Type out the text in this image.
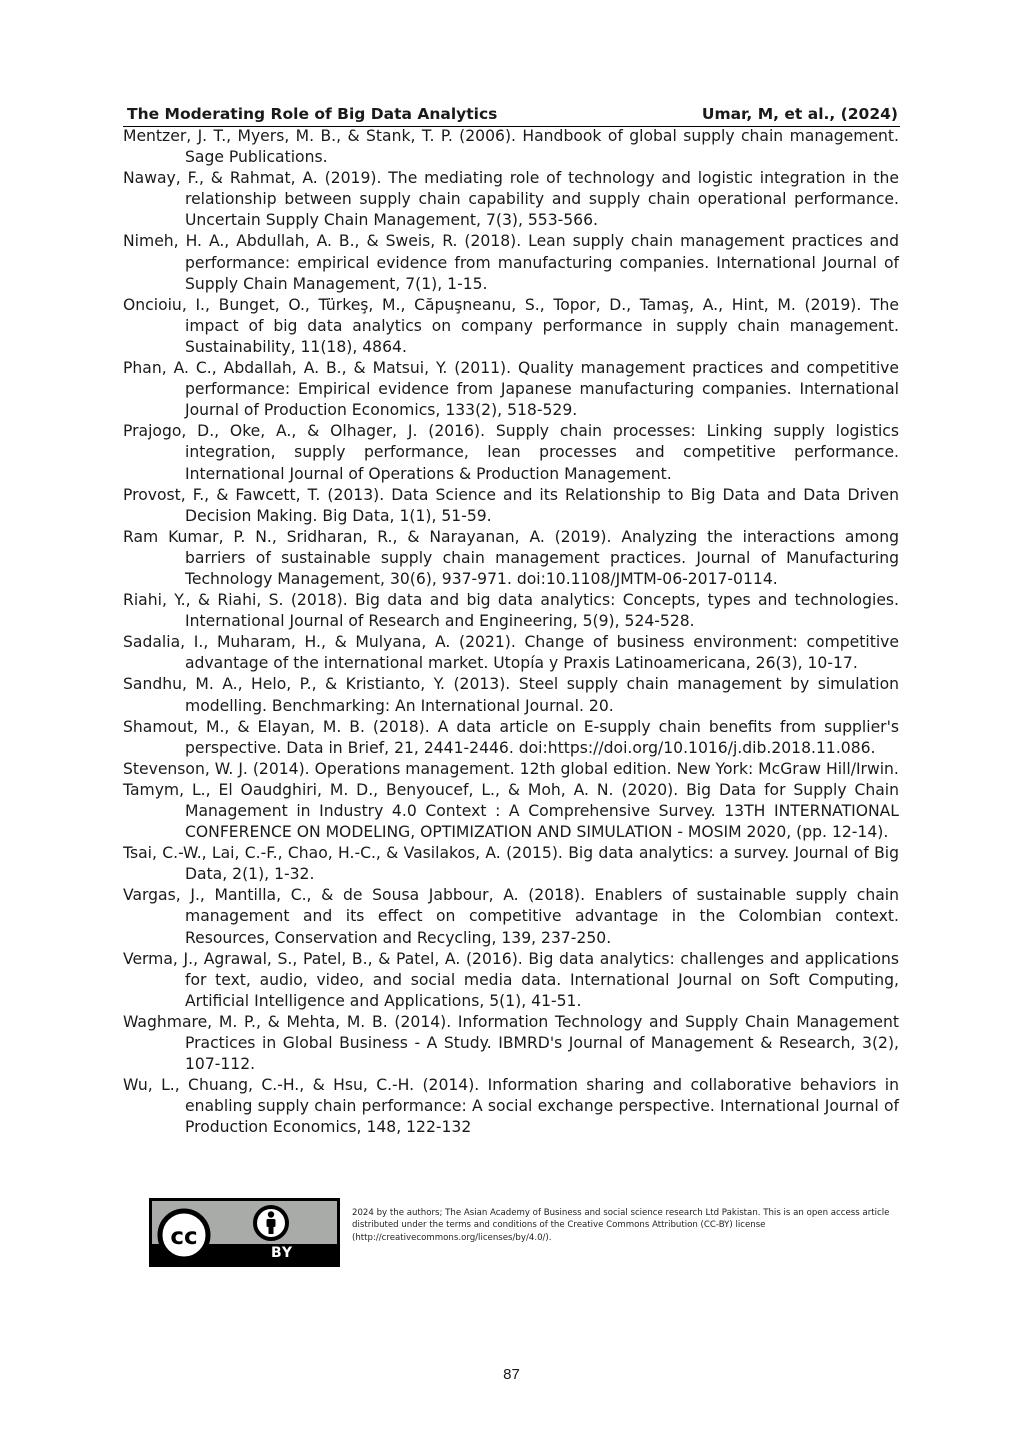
The Moderating Role of Big Data Analytics	Umar, M, et al., (2024)

Mentzer, J. T., Myers, M. B., & Stank, T. P. (2006). Handbook of global supply chain management. Sage Publications.

Naway, F., & Rahmat, A. (2019). The mediating role of technology and logistic integration in the relationship between supply chain capability and supply chain operational performance. Uncertain Supply Chain Management, 7(3), 553-566.

Nimeh, H. A., Abdullah, A. B., & Sweis, R. (2018). Lean supply chain management practices and performance: empirical evidence from manufacturing companies. International Journal of Supply Chain Management, 7(1), 1-15.

Oncioiu, I., Bunget, O., Türkeş, M., Căpuşneanu, S., Topor, D., Tamaş, A., Hint, M. (2019). The impact of big data analytics on company performance in supply chain management. Sustainability, 11(18), 4864.

Phan, A. C., Abdallah, A. B., & Matsui, Y. (2011). Quality management practices and competitive performance: Empirical evidence from Japanese manufacturing companies. International Journal of Production Economics, 133(2), 518-529.

Prajogo, D., Oke, A., & Olhager, J. (2016). Supply chain processes: Linking supply logistics integration, supply performance, lean processes and competitive performance. International Journal of Operations & Production Management.

Provost, F., & Fawcett, T. (2013). Data Science and its Relationship to Big Data and Data Driven Decision Making. Big Data, 1(1), 51-59.

Ram Kumar, P. N., Sridharan, R., & Narayanan, A. (2019). Analyzing the interactions among barriers of sustainable supply chain management practices. Journal of Manufacturing Technology Management, 30(6), 937-971. doi:10.1108/JMTM-06-2017-0114.

Riahi, Y., & Riahi, S. (2018). Big data and big data analytics: Concepts, types and technologies. International Journal of Research and Engineering, 5(9), 524-528.

Sadalia, I., Muharam, H., & Mulyana, A. (2021). Change of business environment: competitive advantage of the international market. Utopía y Praxis Latinoamericana, 26(3), 10-17.

Sandhu, M. A., Helo, P., & Kristianto, Y. (2013). Steel supply chain management by simulation modelling. Benchmarking: An International Journal. 20.

Shamout, M., & Elayan, M. B. (2018). A data article on E-supply chain benefits from supplier's perspective. Data in Brief, 21, 2441-2446. doi:https://doi.org/10.1016/j.dib.2018.11.086.

Stevenson, W. J. (2014). Operations management. 12th global edition. New York: McGraw Hill/Irwin.

Tamym, L., El Oaudghiri, M. D., Benyoucef, L., & Moh, A. N. (2020). Big Data for Supply Chain Management in Industry 4.0 Context : A Comprehensive Survey. 13TH INTERNATIONAL CONFERENCE ON MODELING, OPTIMIZATION AND SIMULATION - MOSIM 2020, (pp. 12-14).

Tsai, C.-W., Lai, C.-F., Chao, H.-C., & Vasilakos, A. (2015). Big data analytics: a survey. Journal of Big Data, 2(1), 1-32.

Vargas, J., Mantilla, C., & de Sousa Jabbour, A. (2018). Enablers of sustainable supply chain management and its effect on competitive advantage in the Colombian context. Resources, Conservation and Recycling, 139, 237-250.

Verma, J., Agrawal, S., Patel, B., & Patel, A. (2016). Big data analytics: challenges and applications for text, audio, video, and social media data. International Journal on Soft Computing, Artificial Intelligence and Applications, 5(1), 41-51.

Waghmare, M. P., & Mehta, M. B. (2014). Information Technology and Supply Chain Management Practices in Global Business - A Study. IBMRD's Journal of Management & Research, 3(2), 107-112.

Wu, L., Chuang, C.-H., & Hsu, C.-H. (2014). Information sharing and collaborative behaviors in enabling supply chain performance: A social exchange perspective. International Journal of Production Economics, 148, 122-132

cc
BY
2024 by the authors; The Asian Academy of Business and social science research Ltd Pakistan. This is an open access article distributed under the terms and conditions of the Creative Commons Attribution (CC-BY) license (http://creativecommons.org/licenses/by/4.0/).
87
